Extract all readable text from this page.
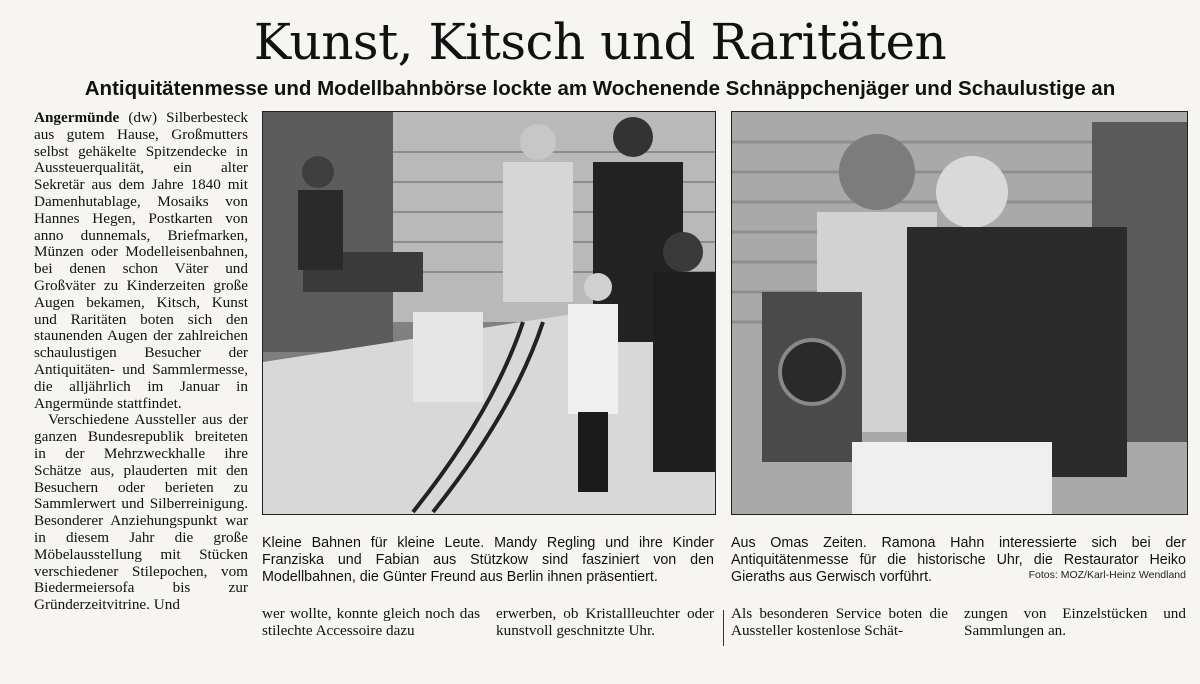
Kunst, Kitsch und Raritäten
Antiquitätenmesse und Modellbahnbörse lockte am Wochenende Schnäppchenjäger und Schaulustige an

Angermünde (dw) Silberbesteck aus gutem Hause, Großmutters selbst gehäkelte Spitzendecke in Aussteuerqualität, ein alter Sekretär aus dem Jahre 1840 mit Damenhutablage, Mosaiks von Hannes Hegen, Postkarten von anno dunnemals, Briefmarken, Münzen oder Modelleisenbahnen, bei denen schon Väter und Großväter zu Kinderzeiten große Augen bekamen, Kitsch, Kunst und Raritäten boten sich den staunenden Augen der zahlreichen schaulustigen Besucher der Antiquitäten- und Sammlermesse, die alljährlich im Januar in Angermünde stattfindet.

Verschiedene Aussteller aus der ganzen Bundesrepublik breiteten in der Mehrzweckhalle ihre Schätze aus, plauderten mit den Besuchern oder berieten zu Sammlerwert und Silberreinigung. Besonderer Anziehungspunkt war in diesem Jahr die große Möbelausstellung mit Stücken verschiedener Stilepochen, vom Biedermeiersofa bis zur Gründerzeitvitrine. Und

Kleine Bahnen für kleine Leute. Mandy Regling und ihre Kinder Franziska und Fabian aus Stützkow sind fasziniert von den Modellbahnen, die Günter Freund aus Berlin ihnen präsentiert.
Aus Omas Zeiten. Ramona Hahn interessierte sich bei der Antiquitätenmesse für die historische Uhr, die Restaurator Heiko Gieraths aus Gerwisch vorführt.	Fotos: MOZ/Karl-Heinz Wendland
wer wollte, konnte gleich noch das stilechte Accessoire dazu
erwerben, ob Kristallleuchter oder kunstvoll geschnitzte Uhr.
Als besonderen Service boten die Aussteller kostenlose Schät-
zungen von Einzelstücken und Sammlungen an.
